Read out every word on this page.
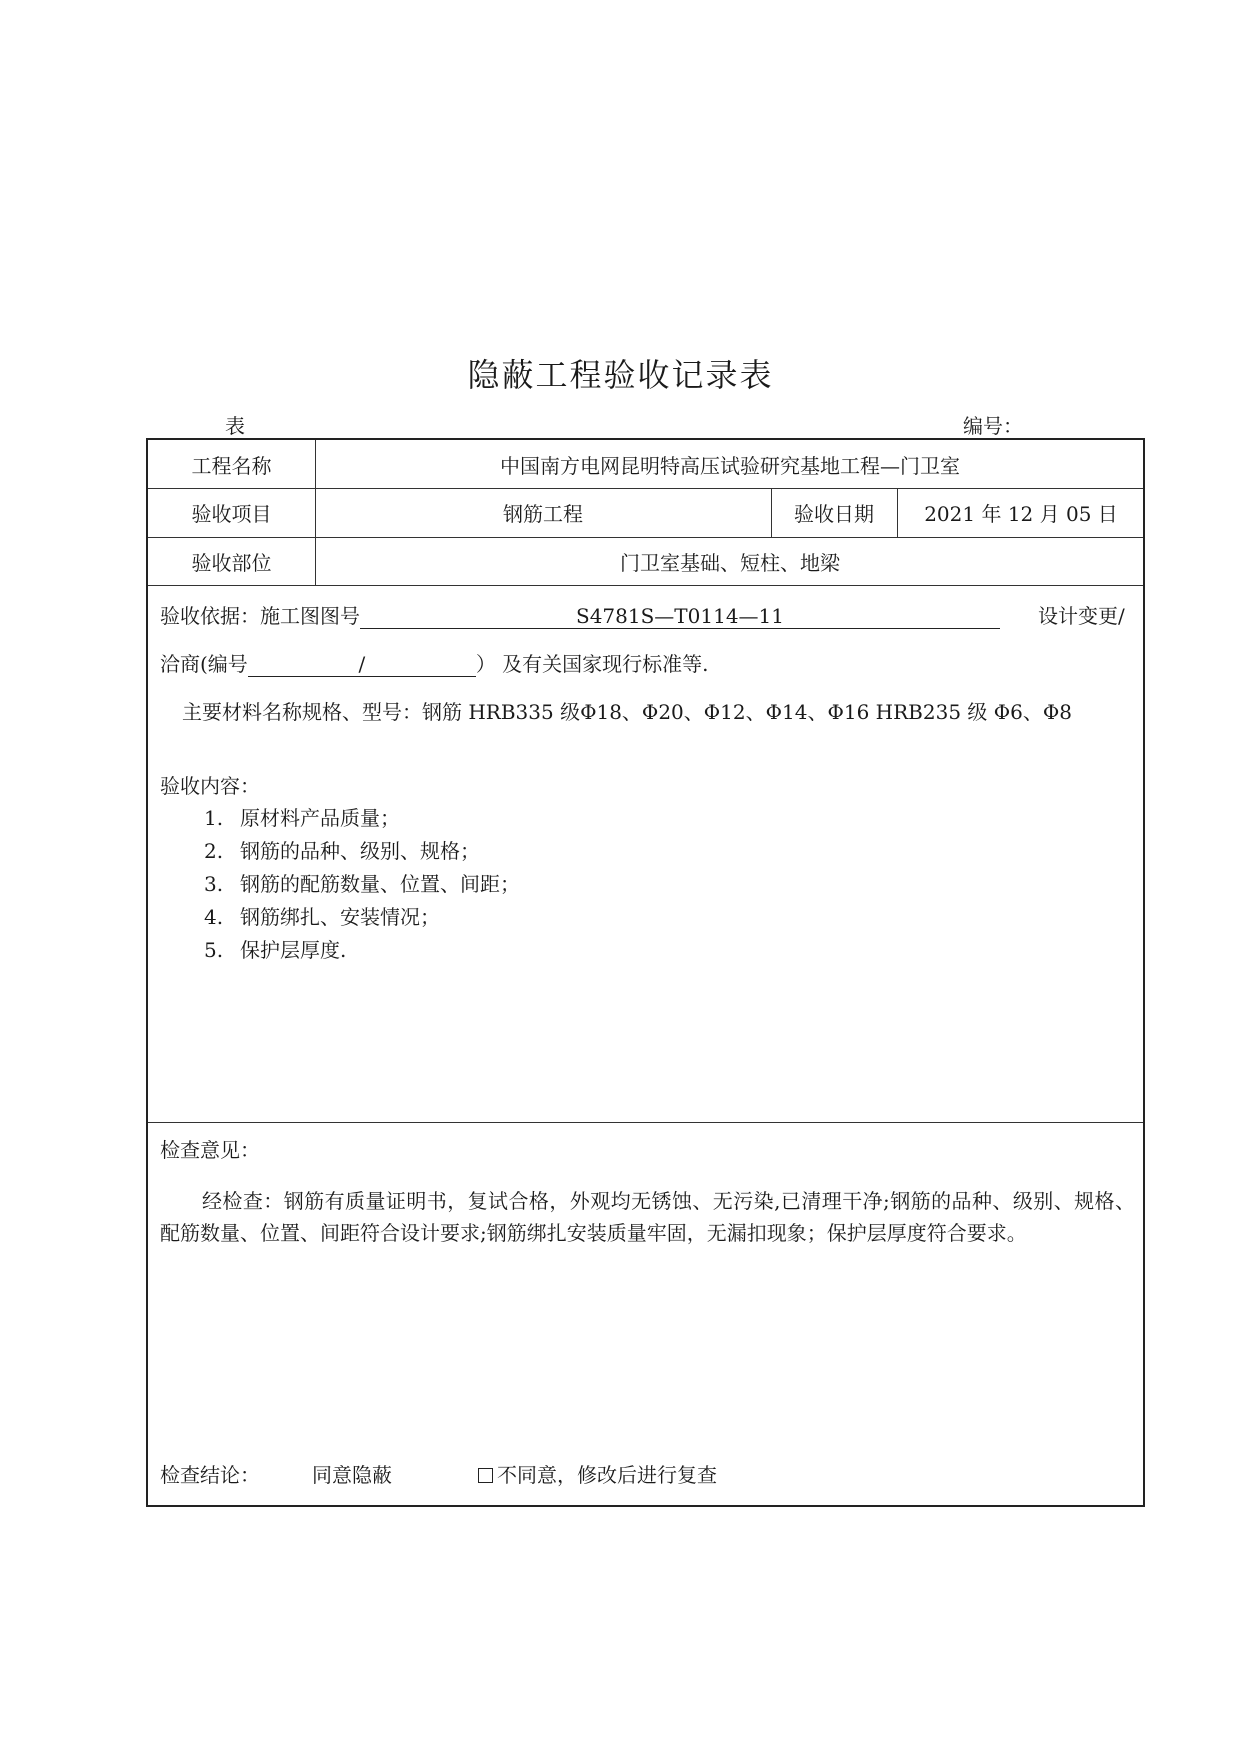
隐蔽工程验收记录表
表	编号：
工程名称	中国南方电网昆明特高压试验研究基地工程—门卫室
验收项目	钢筋工程	验收日期	2021 年 12 月 05 日
验收部位	门卫室基础、短柱、地梁
验收依据：施工图图号	S4781S—T0114—11	设计变更/
洽商(编号	/	） 及有关国家现行标准等.
主要材料名称规格、型号：钢筋 HRB335 级Φ18、Φ20、Φ12、Φ14、Φ16 HRB235 级 Φ6、Φ8
验收内容：
1. 原材料产品质量；
2. 钢筋的品种、级别、规格；
3. 钢筋的配筋数量、位置、间距；
4. 钢筋绑扎、安装情况；
5. 保护层厚度.
检查意见：
经检查：钢筋有质量证明书，复试合格，外观均无锈蚀、无污染,已清理干净;钢筋的品种、级别、规格、配筋数量、位置、间距符合设计要求;钢筋绑扎安装质量牢固，无漏扣现象；保护层厚度符合要求。
检查结论：	同意隐蔽	不同意，修改后进行复查
